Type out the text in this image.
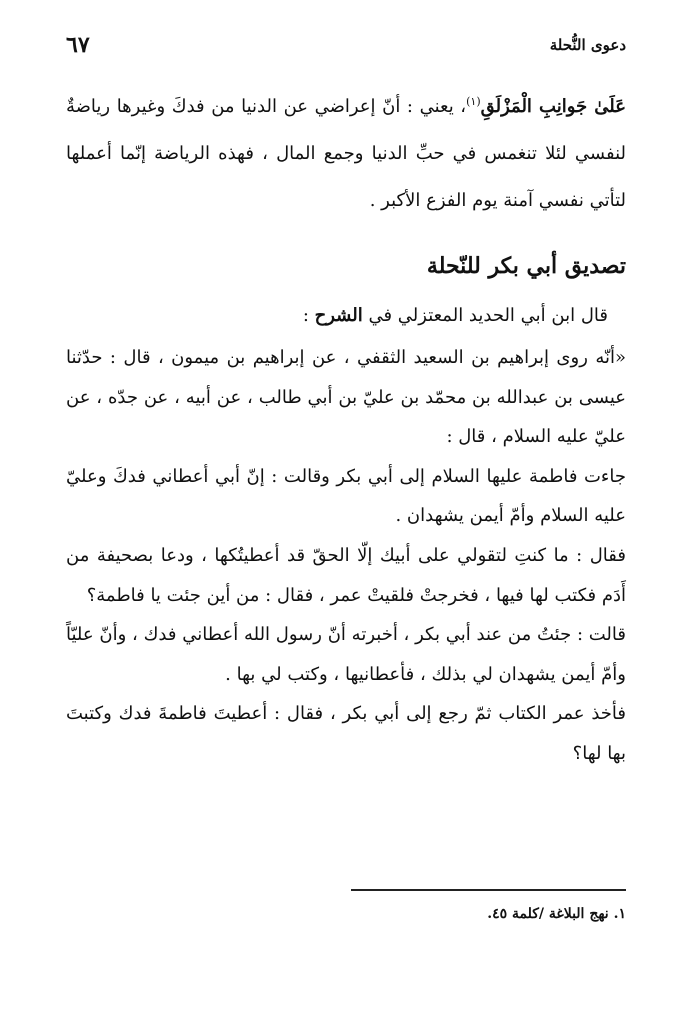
دعوى النُّحلة
٦٧
عَلَىٰ جَوانِبِ الْمَزْلَقِ$^{(١)}$، يعني : أنّ إعراضي عن الدنيا من فدكَ وغيرها رياضةٌ لنفسي لئلا تنغمس في حبِّ الدنيا وجمع المال ، فهذه الرياضة إنّما أعملها لتأتي نفسي آمنة يوم الفزع الأكبر .
تصديق أبي بكر للنّحلة
قال ابن أبي الحديد المعتزلي في الشرح :

«أنّه روى إبراهيم بن السعيد الثقفي ، عن إبراهيم بن ميمون ، قال : حدّثنا عيسى بن عبدالله بن محمّد بن عليّ بن أبي طالب ، عن أبيه ، عن جدّه ، عن عليّ عليه السلام ، قال :

جاءت فاطمة عليها السلام إلى أبي بكر وقالت : إنّ أبي أعطاني فدكَ وعليّ عليه السلام وأمّ أيمن يشهدان .

فقال : ما كنتِ لتقولي على أبيك إلّا الحقّ قد أعطيتُكها ، ودعا بصحيفة من أَدَم فكتب لها فيها ، فخرجتْ فلقيتْ عمر ، فقال : من أين جئت يا فاطمة؟

قالت : جئتُ من عند أبي بكر ، أخبرته أنّ رسول الله أعطاني فدك ، وأنّ عليّاً وأمّ أيمن يشهدان لي بذلك ، فأعطانيها ، وكتب لي بها .

فأخذ عمر الكتاب ثمّ رجع إلى أبي بكر ، فقال : أعطيتَ فاطمةَ فدك وكتبتَ بها لها؟

١. نهج البلاغة /كلمة ٤٥.
